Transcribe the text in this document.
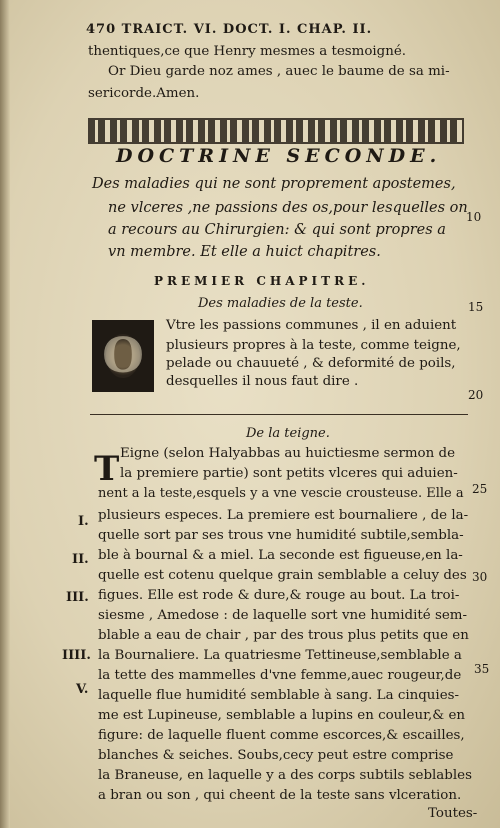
470 TRAICT. VI. DOCT. I. CHAP. II.
thentiques,ce que Henry mesmes a tesmoigné.
Or Dieu garde noz ames , auec le baume de sa mi-
sericorde.Amen.
DOCTRINE SECONDE.
Des maladies qui ne sont proprement apostemes,
ne vlceres ,ne passions des os,pour lesquelles on
a recours au Chirurgien: & qui sont propres a
vn membre. Et elle a huict chapitres.
PREMIER CHAPITRE.
Des maladies de la teste.
O
Vtre les passions communes , il en aduient
plusieurs propres à la teste, comme teigne,
pelade ou chauueté , & deformité de poils,
desquelles il nous faut dire .
De la teigne.
T Eigne (selon Halyabbas au huictiesme sermon de
la premiere partie) sont petits vlceres qui aduien-
nent a la teste,esquels y a vne vescie crousteuse. Elle a
plusieurs especes. La premiere est bournaliere , de la-
quelle sort par ses trous vne humidité subtile,sembla-
ble à bournal & a miel. La seconde est figueuse,en la-
quelle est cotenu quelque grain semblable a celuy des
figues. Elle est rode & dure,& rouge au bout. La troi-
siesme , Amedose : de laquelle sort vne humidité sem-
blable a eau de chair , par des trous plus petits que en
la Bournaliere. La quatriesme Tettineuse,semblable a
la tette des mammelles d'vne femme,auec rougeur,de
laquelle flue humidité semblable à sang. La cinquies-
me est Lupineuse, semblable a lupins en couleur,& en
figure: de laquelle fluent comme escorces,& escailles,
blanches & seiches. Soubs,cecy peut estre comprise
la Braneuse, en laquelle y a des corps subtils seblables
a bran ou son , qui cheent de la teste sans vlceration.
Toutes-
I.
II.
III.
IIII.
V.
10
15
20
25
30
35
